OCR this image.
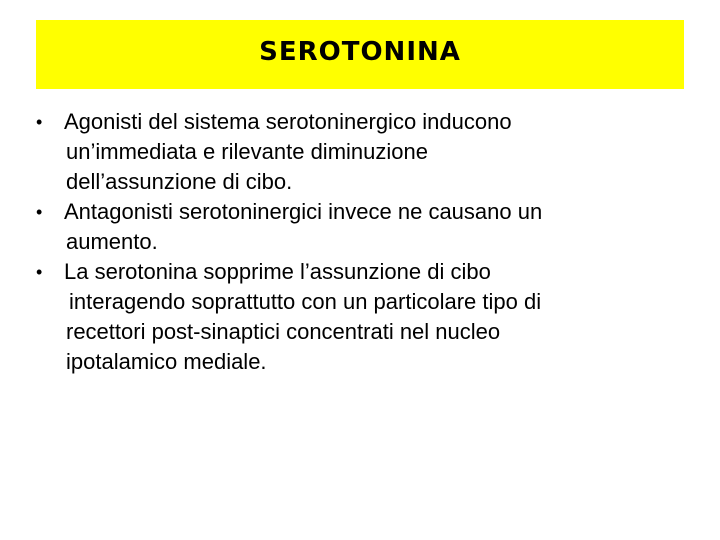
SEROTONINA
• Agonisti del sistema serotoninergico inducono
un’immediata e rilevante diminuzione
dell’assunzione di cibo.
• Antagonisti serotoninergici invece ne causano un
aumento.
• La serotonina sopprime l’assunzione di cibo
interagendo soprattutto con un particolare tipo di
recettori post-sinaptici concentrati nel nucleo
ipotalamico mediale.
